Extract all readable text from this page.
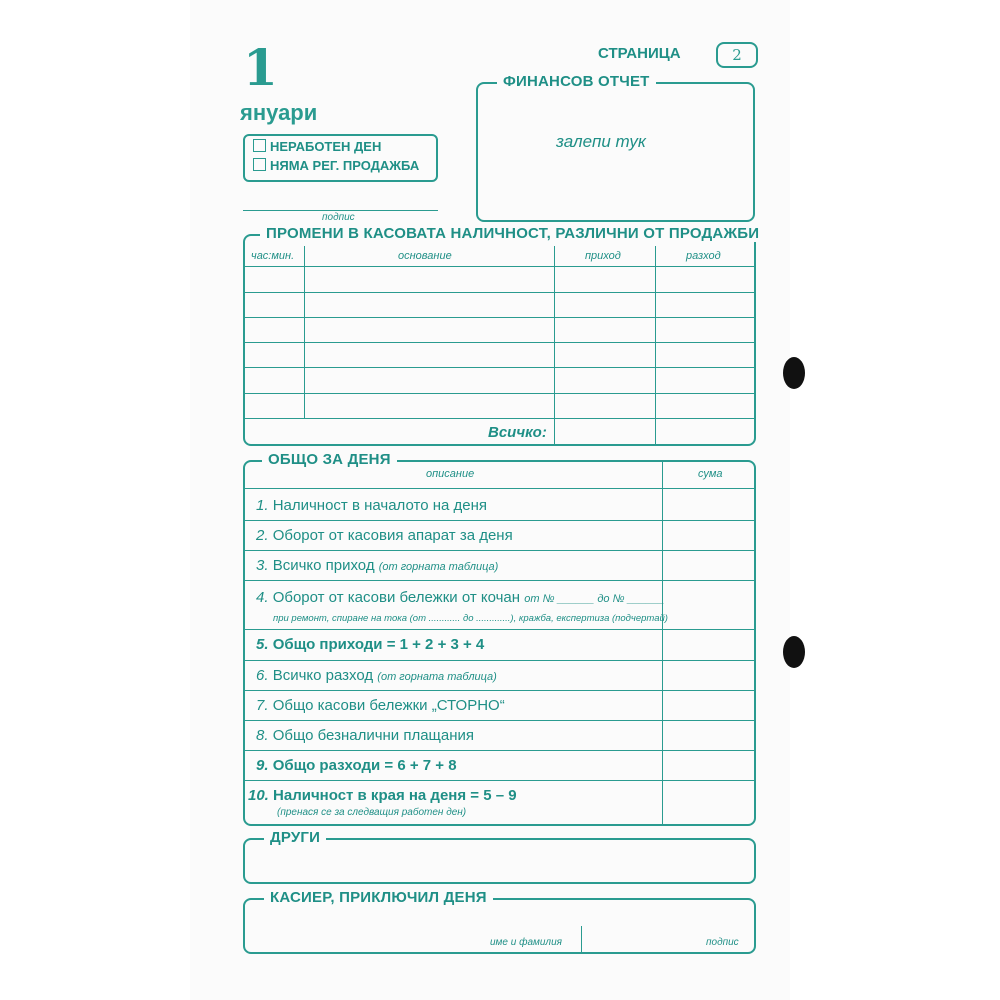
1
януари
СТРАНИЦА	2
НЕРАБОТЕН ДЕН
НЯМА РЕГ. ПРОДАЖБА
подпис
ФИНАНСОВ ОТЧЕТ
залепи тук
ПРОМЕНИ В КАСОВАТА НАЛИЧНОСТ, РАЗЛИЧНИ ОТ ПРОДАЖБИ
час:мин.	основание	приход	разход
Всичко:
ОБЩО ЗА ДЕНЯ
описание	сума
1. Наличност в началото на деня
2. Оборот от касовия апарат за деня
3. Всичко приход (от горната таблица)
4. Оборот от касови бележки от кочан от № ______ до № ______
при ремонт, спиране на тока (от ............ до .............), кражба, експертиза (подчертай)
5. Общо приходи = 1 + 2 + 3 + 4
6. Всичко разход (от горната таблица)
7. Общо касови бележки „СТОРНО“
8. Общо безналични плащания
9. Общо разходи = 6 + 7 + 8
10. Наличност в края на деня = 5 – 9
(пренася се за следващия работен ден)
ДРУГИ
КАСИЕР, ПРИКЛЮЧИЛ ДЕНЯ
име и фамилия	подпис
